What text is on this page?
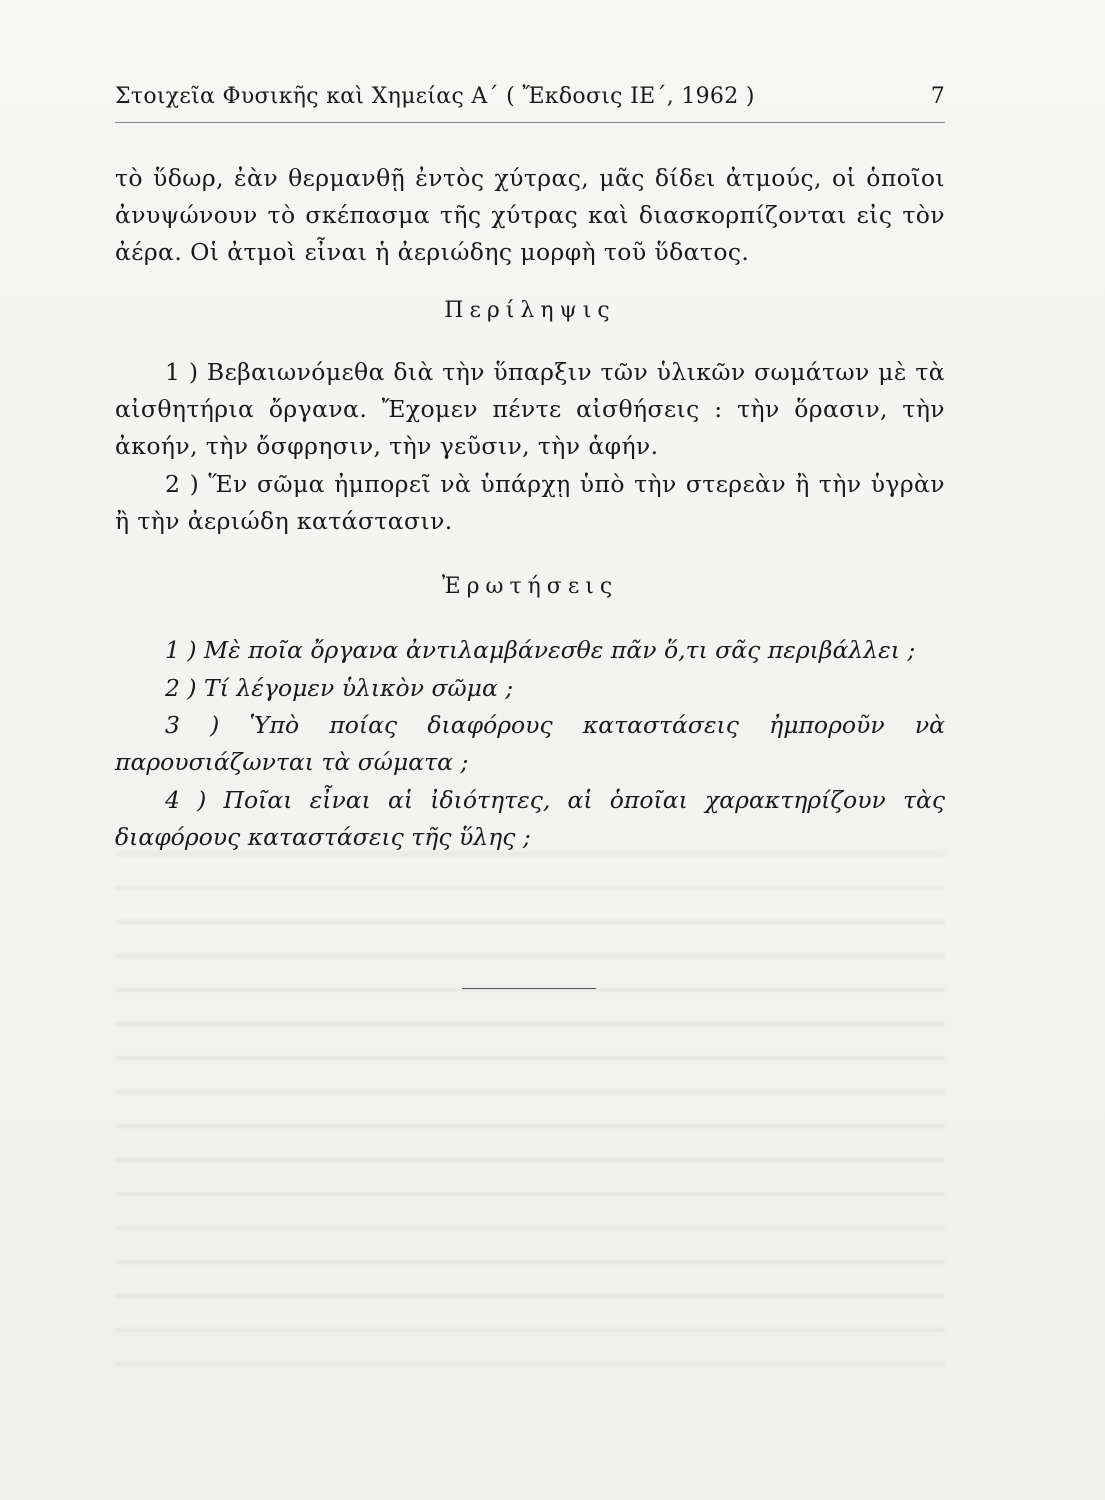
Στοιχεῖα Φυσικῆς καὶ Χημείας Α΄ ( Ἔκδοσις ΙΕ΄, 1962 )	7

τὸ ὕδωρ, ἐὰν θερμανθῇ ἐντὸς χύτρας, μᾶς δίδει ἀτμούς, οἱ ὁποῖοι ἀνυψώνουν τὸ σκέπασμα τῆς χύτρας καὶ διασκορπίζονται εἰς τὸν ἀέρα. Οἱ ἀτμοὶ εἶναι ἡ ἀεριώδης μορφὴ τοῦ ὕδατος.

Περίληψις

1 ) Βεβαιωνόμεθα διὰ τὴν ὕπαρξιν τῶν ὑλικῶν σωμάτων μὲ τὰ αἰσθητήρια ὄργανα. Ἔχομεν πέντε αἰσθήσεις : τὴν ὅρασιν, τὴν ἀκοήν, τὴν ὄσφρησιν, τὴν γεῦσιν, τὴν ἁφήν.

2 ) Ἕν σῶμα ἠμπορεῖ νὰ ὑπάρχῃ ὑπὸ τὴν στερεὰν ἢ τὴν ὑγρὰν ἢ τὴν ἀεριώδη κατάστασιν.

Ἐρωτήσεις

1 ) Μὲ ποῖα ὄργανα ἀντιλαμβάνεσθε πᾶν ὅ,τι σᾶς περιβάλλει ;

2 ) Τί λέγομεν ὑλικὸν σῶμα ;

3 ) Ὑπὸ ποίας διαφόρους καταστάσεις ἠμποροῦν νὰ παρουσιάζωνται τὰ σώματα ;

4 ) Ποῖαι εἶναι αἱ ἰδιότητες, αἱ ὁποῖαι χαρακτηρίζουν τὰς διαφόρους καταστάσεις τῆς ὕλης ;
